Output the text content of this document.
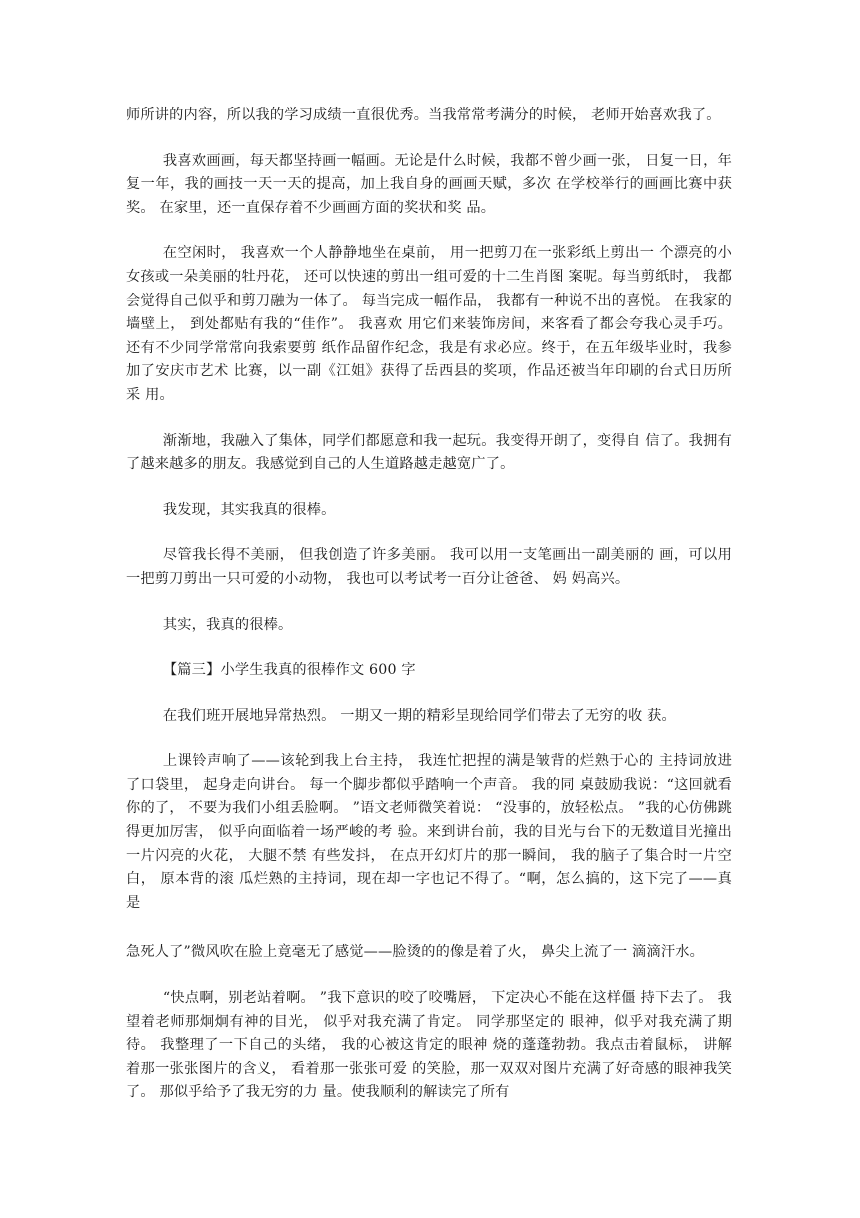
师所讲的内容，所以我的学习成绩一直很优秀。当我常常考满分的时候， 老师开始喜欢我了。

我喜欢画画，每天都坚持画一幅画。无论是什么时候，我都不曾少画一张， 日复一日，年复一年，我的画技一天一天的提高，加上我自身的画画天赋，多次 在学校举行的画画比赛中获奖。 在家里，还一直保存着不少画画方面的奖状和奖 品。

在空闲时， 我喜欢一个人静静地坐在桌前， 用一把剪刀在一张彩纸上剪出一 个漂亮的小女孩或一朵美丽的牡丹花， 还可以快速的剪出一组可爱的十二生肖图 案呢。每当剪纸时， 我都会觉得自己似乎和剪刀融为一体了。 每当完成一幅作品， 我都有一种说不出的喜悦。 在我家的墙壁上， 到处都贴有我的“佳作”。 我喜欢 用它们来装饰房间，来客看了都会夸我心灵手巧。 还有不少同学常常向我索要剪 纸作品留作纪念，我是有求必应。终于，在五年级毕业时，我参加了安庆市艺术 比赛，以一副《江姐》获得了岳西县的奖项，作品还被当年印刷的台式日历所采 用。

渐渐地，我融入了集体，同学们都愿意和我一起玩。我变得开朗了，变得自 信了。我拥有了越来越多的朋友。我感觉到自己的人生道路越走越宽广了。

我发现，其实我真的很棒。

尽管我长得不美丽， 但我创造了许多美丽。 我可以用一支笔画出一副美丽的 画，可以用一把剪刀剪出一只可爱的小动物， 我也可以考试考一百分让爸爸、 妈 妈高兴。

其实，我真的很棒。

【篇三】小学生我真的很棒作文 600 字

在我们班开展地异常热烈。 一期又一期的精彩呈现给同学们带去了无穷的收 获。

上课铃声响了——该轮到我上台主持， 我连忙把捏的满是皱背的烂熟于心的 主持词放进了口袋里， 起身走向讲台。 每一个脚步都似乎踏响一个声音。 我的同 桌鼓励我说：“这回就看你的了， 不要为我们小组丢脸啊。 ”语文老师微笑着说： “没事的，放轻松点。 ”我的心仿佛跳得更加厉害， 似乎向面临着一场严峻的考 验。来到讲台前，我的目光与台下的无数道目光撞出一片闪亮的火花， 大腿不禁 有些发抖， 在点开幻灯片的那一瞬间， 我的脑子了集合时一片空白， 原本背的滚 瓜烂熟的主持词，现在却一字也记不得了。“啊，怎么搞的，这下完了——真是

急死人了”微风吹在脸上竟毫无了感觉——脸烫的的像是着了火， 鼻尖上流了一 滴滴汗水。

“快点啊，别老站着啊。 ”我下意识的咬了咬嘴唇， 下定决心不能在这样僵 持下去了。 我望着老师那炯炯有神的目光， 似乎对我充满了肯定。 同学那坚定的 眼神，似乎对我充满了期待。 我整理了一下自己的头绪， 我的心被这肯定的眼神 烧的蓬蓬勃勃。我点击着鼠标， 讲解着那一张张图片的含义， 看着那一张张可爱 的笑脸，那一双双对图片充满了好奇感的眼神我笑了。 那似乎给予了我无穷的力 量。使我顺利的解读完了所有
